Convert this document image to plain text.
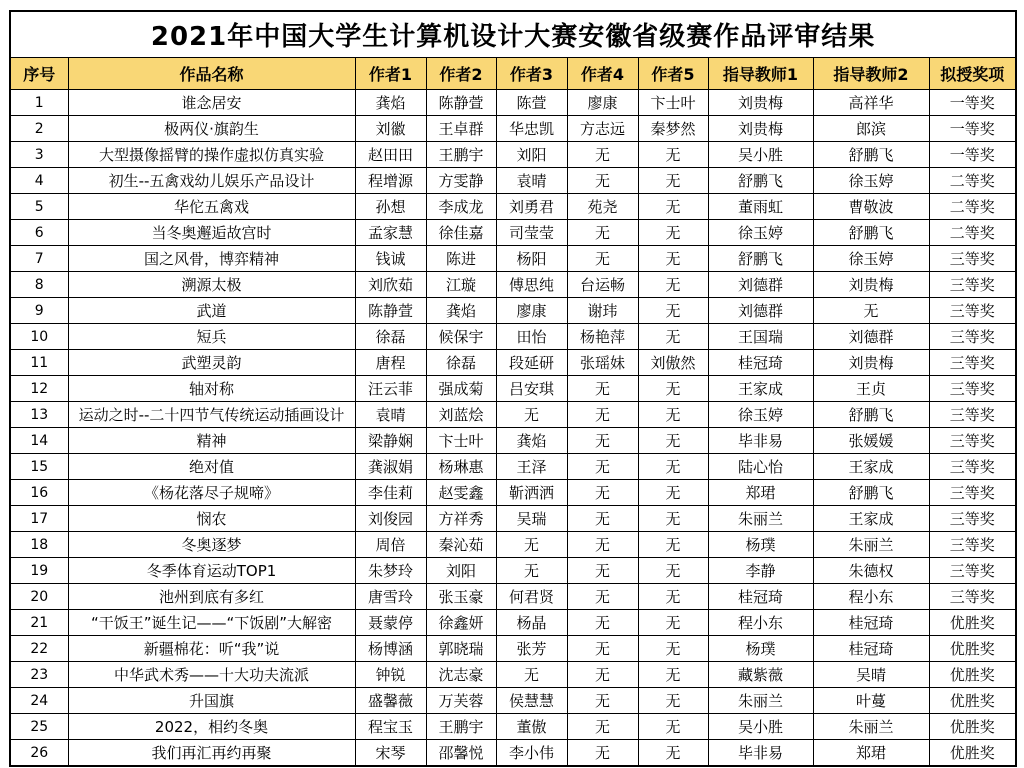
2021年中国大学生计算机设计大赛安徽省级赛作品评审结果									
序号	作品名称	作者1	作者2	作者3	作者4	作者5	指导教师1	指导教师2	拟授奖项
1	谁念居安	龚焰	陈静萱	陈萱	廖康	卞士叶	刘贵梅	高祥华	一等奖
2	极两仪·旗韵生	刘徽	王卓群	华忠凯	方志远	秦梦然	刘贵梅	郎滨	一等奖
3	大型摄像摇臂的操作虚拟仿真实验	赵田田	王鹏宇	刘阳	无	无	吴小胜	舒鹏飞	一等奖
4	初生--五禽戏幼儿娱乐产品设计	程增源	方雯静	袁晴	无	无	舒鹏飞	徐玉婷	二等奖
5	华佗五禽戏	孙想	李成龙	刘勇君	苑尧	无	董雨虹	曹敬波	二等奖
6	当冬奥邂逅故宫时	孟家慧	徐佳嘉	司莹莹	无	无	徐玉婷	舒鹏飞	二等奖
7	国之风骨，博弈精神	钱诚	陈进	杨阳	无	无	舒鹏飞	徐玉婷	三等奖
8	溯源太极	刘欣茹	江璇	傅思纯	台运畅	无	刘德群	刘贵梅	三等奖
9	武道	陈静萱	龚焰	廖康	谢玮	无	刘德群	无	三等奖
10	短兵	徐磊	候保宇	田怡	杨艳萍	无	王国瑞	刘德群	三等奖
11	武塑灵韵	唐程	徐磊	段延研	张瑶妹	刘傲然	桂冠琦	刘贵梅	三等奖
12	轴对称	汪云菲	强成菊	吕安琪	无	无	王家成	王贞	三等奖
13	运动之时--二十四节气传统运动插画设计	袁晴	刘蓝烩	无	无	无	徐玉婷	舒鹏飞	三等奖
14	精神	梁静娴	卞士叶	龚焰	无	无	毕非易	张媛媛	三等奖
15	绝对值	龚淑娟	杨琳惠	王泽	无	无	陆心怡	王家成	三等奖
16	《杨花落尽子规啼》	李佳莉	赵雯鑫	靳洒洒	无	无	郑珺	舒鹏飞	三等奖
17	悯农	刘俊园	方祥秀	吴瑞	无	无	朱丽兰	王家成	三等奖
18	冬奥逐梦	周倍	秦沁茹	无	无	无	杨璞	朱丽兰	三等奖
19	冬季体育运动TOP1	朱梦玲	刘阳	无	无	无	李静	朱德权	三等奖
20	池州到底有多红	唐雪玲	张玉豪	何君贤	无	无	桂冠琦	程小东	三等奖
21	“干饭王”诞生记——“下饭剧”大解密	聂蒙停	徐鑫妍	杨晶	无	无	程小东	桂冠琦	优胜奖
22	新疆棉花：听“我”说	杨博涵	郭晓瑞	张芳	无	无	杨璞	桂冠琦	优胜奖
23	中华武术秀——十大功夫流派	钟锐	沈志豪	无	无	无	藏紫薇	吴晴	优胜奖
24	升国旗	盛馨薇	万芙蓉	侯慧慧	无	无	朱丽兰	叶蔓	优胜奖
25	2022，相约冬奥	程宝玉	王鹏宇	董傲	无	无	吴小胜	朱丽兰	优胜奖
26	我们再汇再约再聚	宋琴	邵馨悦	李小伟	无	无	毕非易	郑珺	优胜奖
